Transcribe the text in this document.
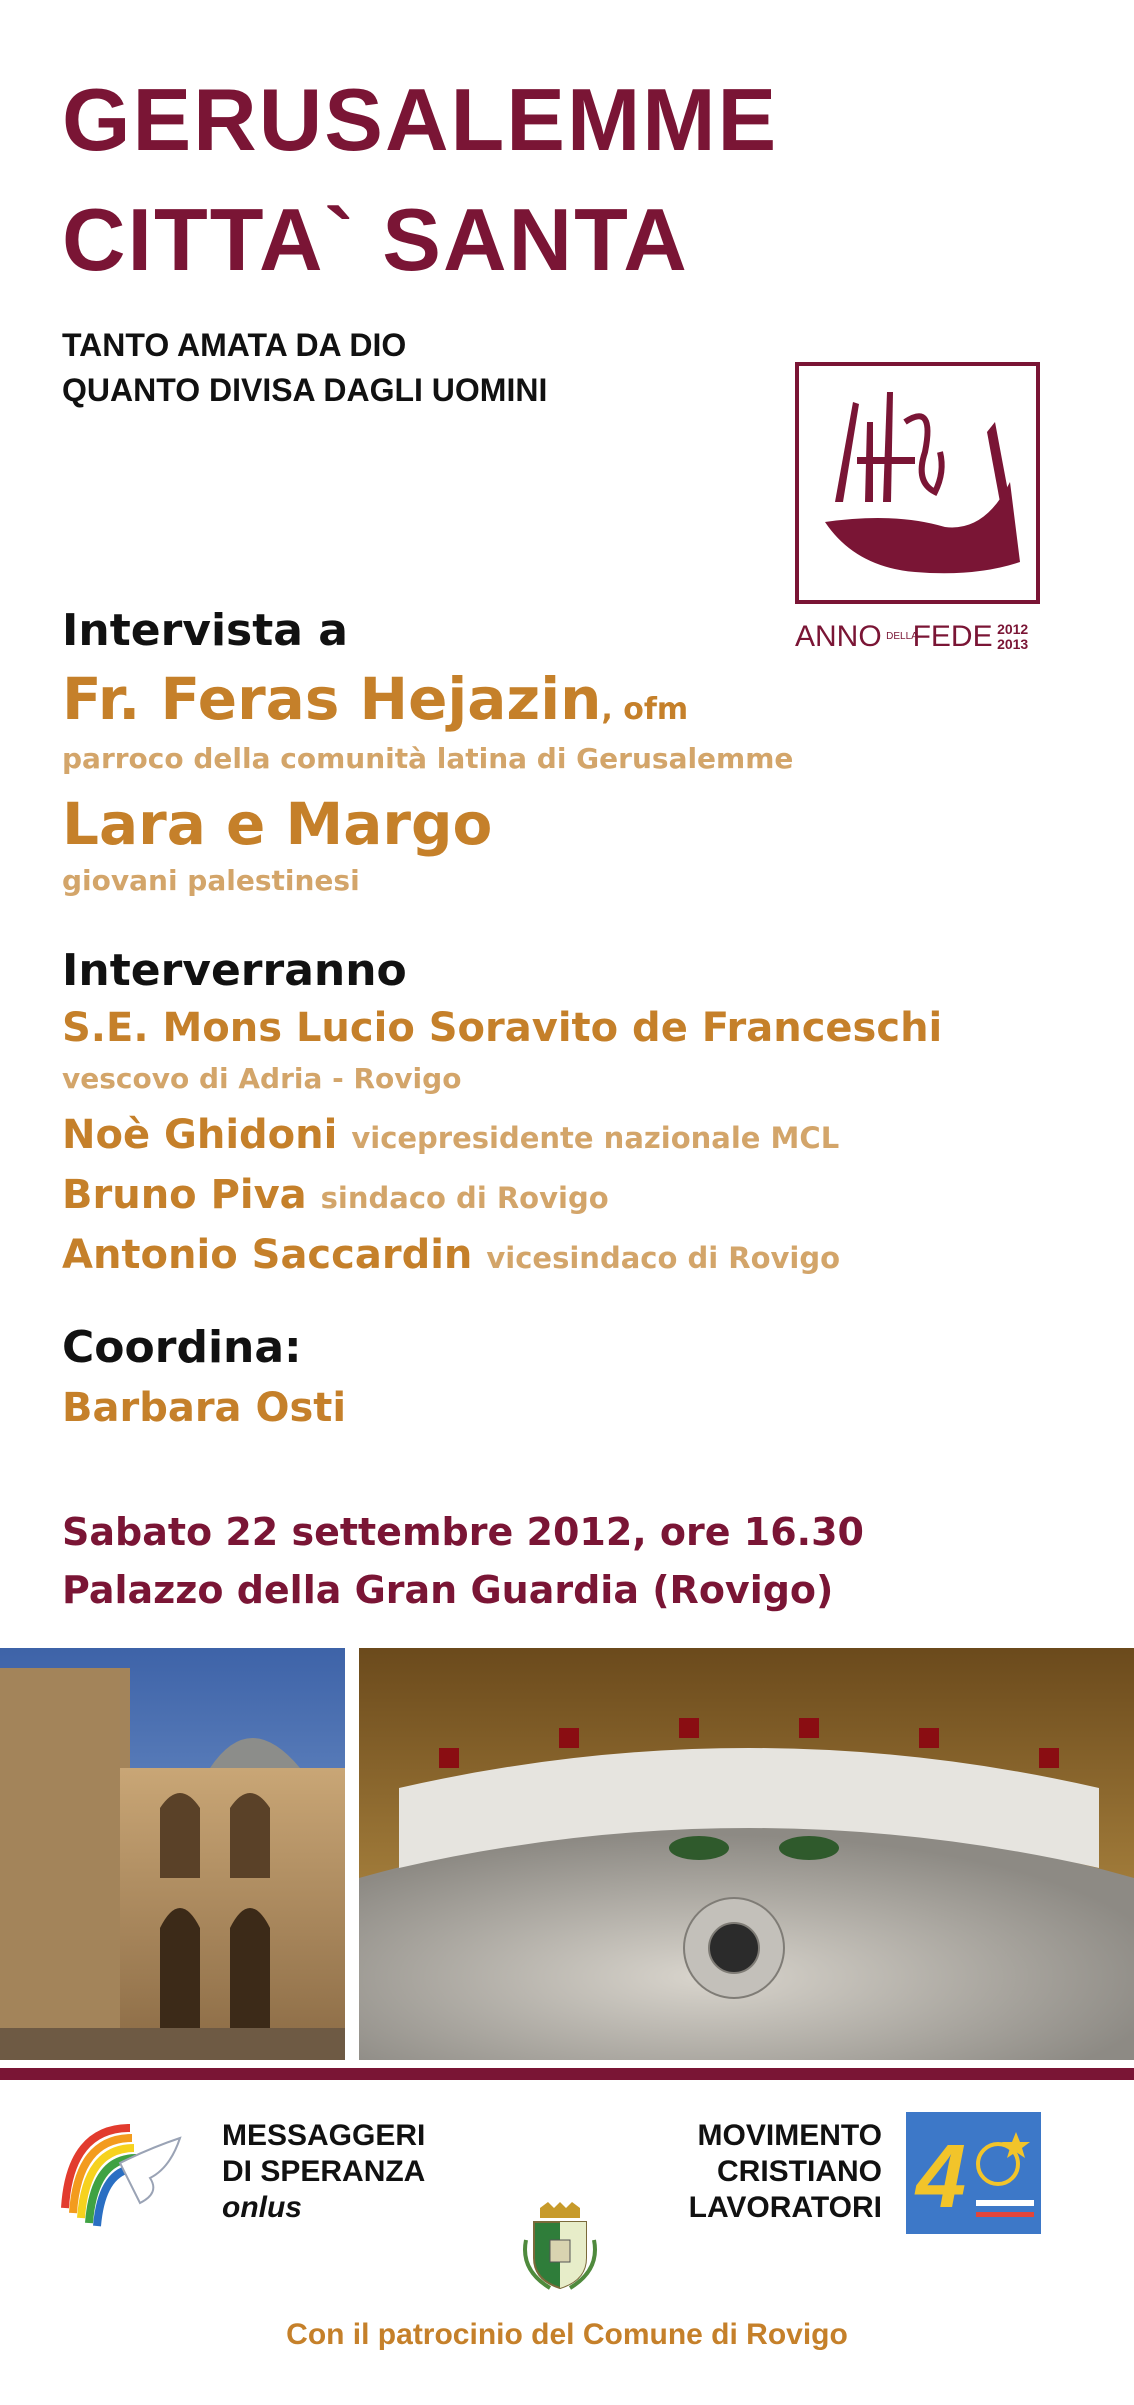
GERUSALEMME
CITTA` SANTA
TANTO AMATA DA DIO
QUANTO DIVISA DAGLI UOMINI
ANNO DELLA FEDE 2012
2013
Intervista a
Fr. Feras Hejazin, ofm
parroco della comunità latina di Gerusalemme
Lara e Margo
giovani palestinesi
Interverranno
S.E. Mons Lucio Soravito de Franceschi
vescovo di Adria - Rovigo
Noè Ghidoni vicepresidente nazionale MCL
Bruno Piva sindaco di Rovigo
Antonio Saccardin vicesindaco di Rovigo
Coordina:
Barbara Osti
Sabato 22 settembre 2012, ore 16.30
Palazzo della Gran Guardia (Rovigo)
MESSAGGERI
DI SPERANZA
onlus
MOVIMENTO
CRISTIANO
LAVORATORI 4
Con il patrocinio del Comune di Rovigo
